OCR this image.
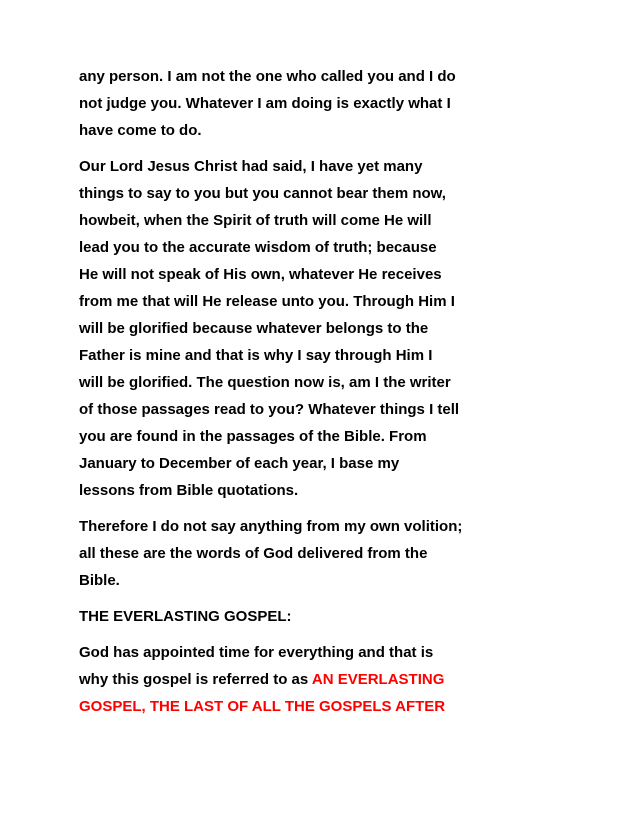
any person. I am not the one who called you and I do
not judge you. Whatever I am doing is exactly what I
have come to do.

Our Lord Jesus Christ had said, I have yet many
things to say to you but you cannot bear them now,
howbeit, when the Spirit of truth will come He will
lead you to the accurate wisdom of truth; because
He will not speak of His own, whatever He receives
from me that will He release unto you. Through Him I
will be glorified because whatever belongs to the
Father is mine and that is why I say through Him I
will be glorified. The question now is, am I the writer
of those passages read to you? Whatever things I tell
you are found in the passages of the Bible. From
January to December of each year, I base my
lessons from Bible quotations.

Therefore I do not say anything from my own volition;
all these are the words of God delivered from the
Bible.

THE EVERLASTING GOSPEL:

God has appointed time for everything and that is
why this gospel is referred to as AN EVERLASTING
GOSPEL, THE LAST OF ALL THE GOSPELS AFTER
